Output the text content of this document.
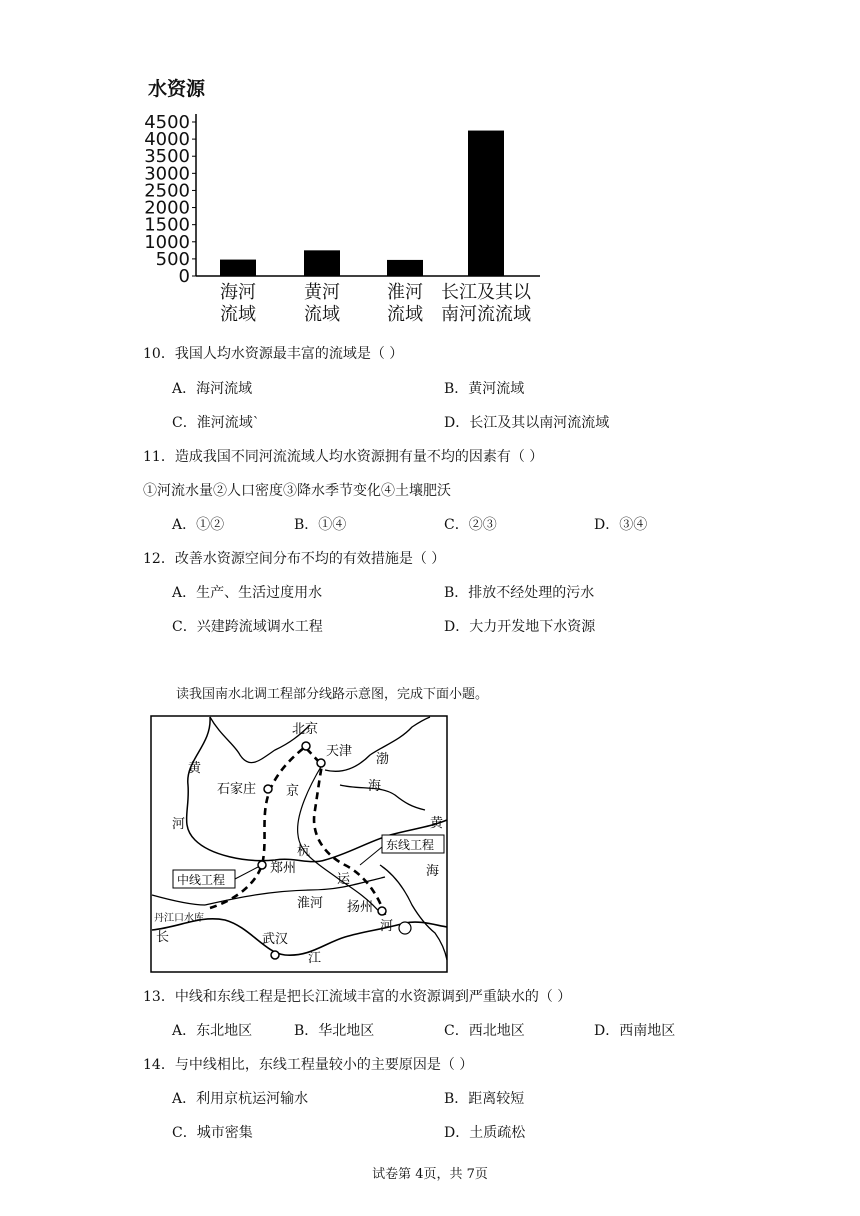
水资源
4500
4000
3500
3000
2500
2000
1500
1000
500
0
海河
流域
黄河
流域
淮河
流域
长江及其以
南河流流域
10．我国人均水资源最丰富的流域是（ ）
A．海河流域	B．黄河流域
C．淮河流域`	D．长江及其以南河流流域
11．造成我国不同河流流域人均水资源拥有量不均的因素有（ ）
①河流水量②人口密度③降水季节变化④土壤肥沃
A．①②	B．①④	C．②③	D．③④
12．改善水资源空间分布不均的有效措施是（ ）
A．生产、生活过度用水	B．排放不经处理的污水
C．兴建跨流域调水工程	D．大力开发地下水资源
读我国南水北调工程部分线路示意图，完成下面小题。
北京
天津
石家庄
郑州
扬州
武汉
渤
海
黄
海
黄
河
淮河
京
杭
运
河
长
江
中线工程
东线工程
丹江口水库
13．中线和东线工程是把长江流域丰富的水资源调到严重缺水的（ ）
A．东北地区	B．华北地区	C．西北地区	D．西南地区
14．与中线相比，东线工程量较小的主要原因是（ ）
A．利用京杭运河输水	B．距离较短
C．城市密集	D．土质疏松
试卷第 4页，共 7页
